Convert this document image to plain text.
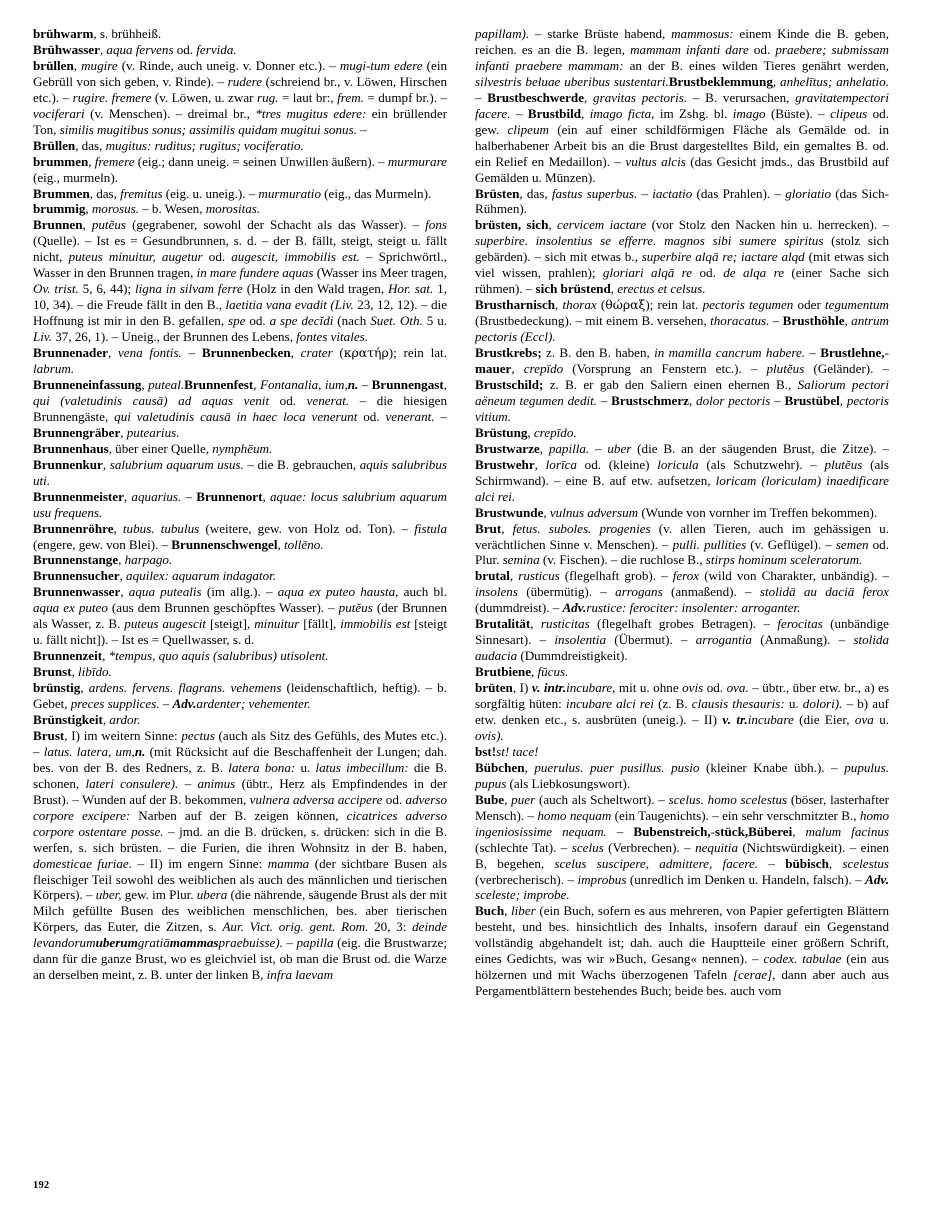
brühwarm, s. brühheiß.

Brühwasser, aqua fervens od. fervida.

brüllen, mugire (v. Rinde, auch uneig. v. Donner etc.). – mugi-tum edere (ein Gebrüll von sich geben, v. Rinde). – rudere (schreiend br., v. Löwen, Hirschen etc.). – rugire. fremere (v. Löwen, u. zwar rug. = laut br:, frem. = dumpf br.). – vociferari (v. Menschen). – dreimal br., *tres mugitus edere: ein brüllender Ton, similis mugitibus sonus; assimilis quidam mugitui sonus. –

Brüllen, das, mugitus: ruditus; rugitus; vociferatio.

brummen, fremere (eig.; dann uneig. = seinen Unwillen äußern). – murmurare (eig., murmeln).

Brummen, das, fremitus (eig. u. uneig.). – murmuratio (eig., das Murmeln).

brummig, morosus. – b. Wesen, morositas.

Brunnen, putĕus (gegrabener, sowohl der Schacht als das Wasser). – fons (Quelle). – Ist es = Gesundbrunnen, s. d. – der B. fällt, steigt, steigt u. fällt nicht, puteus minuitur, augetur od. augescit, immobilis est. – Sprichwörtl., Wasser in den Brunnen tragen, in mare fundere aquas (Wasser ins Meer tragen, Ov. trist. 5, 6, 44); ligna in silvam ferre (Holz in den Wald tragen, Hor. sat. 1, 10, 34). – die Freude fällt in den B., laetitia vana evadit (Liv. 23, 12, 12). – die Hoffnung ist mir in den B. gefallen, spe od. a spe decĭdi (nach Suet. Oth. 5 u. Liv. 37, 26, 1). – Uneig., der Brunnen des Lebens, fontes vitales.

Brunnenader, vena fontis. – Brunnenbecken, crater (κρατήρ); rein lat. labrum.

Brunneneinfassung, puteal.Brunnenfest, Fontanalia, ium,n. – Brunnengast, qui (valetudinis causā) ad aquas venit od. venerat. – die hiesigen Brunnengäste, qui valetudinis causā in haec loca venerunt od. venerant. – Brunnengräber, putearius.

Brunnenhaus, über einer Quelle, nymphēum.

Brunnenkur, salubrium aquarum usus. – die B. gebrauchen, aquis salubribus uti.

Brunnenmeister, aquarius. – Brunnenort, aquae: locus salubrium aquarum usu frequens.

Brunnenröhre, tubus. tubulus (weitere, gew. von Holz od. Ton). – fistula (engere, gew. von Blei). – Brunnenschwengel, tollēno.

Brunnenstange, harpago.

Brunnensucher, aquilex: aquarum indagator.

Brunnenwasser, aqua putealis (im allg.). – aqua ex puteo hausta, auch bl. aqua ex puteo (aus dem Brunnen geschöpftes Wasser). – putĕus (der Brunnen als Wasser, z. B. puteus augescit [steigt], minuitur [fällt], immobilis est [steigt u. fällt nicht]). – Ist es = Quellwasser, s. d.

Brunnenzeit, *tempus, quo aquis (salubribus) utisolent.

Brunst, libīdo.

brünstig, ardens. fervens. flagrans. vehemens (leidenschaftlich, heftig). – b. Gebet, preces supplices. – Adv.ardenter; vehementer.

Brünstigkeit, ardor.

Brust, I) im weitern Sinne: pectus (auch als Sitz des Gefühls, des Mutes etc.). – latus. latera, um,n. (mit Rücksicht auf die Beschaffenheit der Lungen; dah. bes. von der B. des Redners, z. B. latera bona: u. latus imbecillum: die B. schonen, lateri consulere). – animus (übtr., Herz als Empfindendes in der Brust). – Wunden auf der B. bekommen, vulnera adversa accipere od. adverso corpore excipere: Narben auf der B. zeigen können, cicatrices adverso corpore ostentare posse. – jmd. an die B. drücken, s. drücken: sich in die B. werfen, s. sich brüsten. – die Furien, die ihren Wohnsitz in der B. haben, domesticae furiae. – II) im engern Sinne: mamma (der sichtbare Busen als fleischiger Teil sowohl des weiblichen als auch des männlichen und tierischen Körpers). – uber, gew. im Plur. ubera (die nährende, säugende Brust als der mit Milch gefüllte Busen des weiblichen menschlichen, bes. aber tierischen Körpers, das Euter, die Zitzen, s. Aur. Vict. orig. gent. Rom. 20, 3: deinde levandorumuberumgratiāmammaspraebuisse). – papilla (eig. die Brustwarze; dann für die ganze Brust, wo es gleichviel ist, ob man die Brust od. die Warze an derselben meint, z. B. unter der linken B, infra laevam

papillam). – starke Brüste habend, mammosus: einem Kinde die B. geben, reichen. es an die B. legen, mammam infanti dare od. praebere; submissam infanti praebere mammam: an der B. eines wilden Tieres genährt werden, silvestris beluae uberibus sustentari.Brustbeklemmung, anhelītus; anhelatio. – Brustbeschwerde, gravitas pectoris. – B. verursachen, gravitatempectori facere. – Brustbild, imago ficta, im Zshg. bl. imago (Büste). – clipeus od. gew. clipeum (ein auf einer schildförmigen Fläche als Gemälde od. in halberhabener Arbeit bis an die Brust dargestelltes Bild, ein gemaltes B. od. ein Relief en Medaillon). – vultus alcis (das Gesicht jmds., das Brustbild auf Gemälden u. Münzen).

Brüsten, das, fastus superbus. – iactatio (das Prahlen). – gloriatio (das Sich-Rühmen).

brüsten, sich, cervicem iactare (vor Stolz den Nacken hin u. herrecken). – superbire. insolentius se efferre. magnos sibi sumere spiritus (stolz sich gebärden). – sich mit etwas b., superbire alqā re; iactare alqd (mit etwas sich viel wissen, prahlen); gloriari alqā re od. de alqa re (einer Sache sich rühmen). – sich brüstend, erectus et celsus.

Brustharnisch, thorax (θώραξ); rein lat. pectoris tegumen oder tegumentum (Brustbedeckung). – mit einem B. versehen, thoracatus. – Brusthöhle, antrum pectoris (Eccl).

Brustkrebs; z. B. den B. haben, in mamilla cancrum habere. – Brustlehne,-mauer, crepīdo (Vorsprung an Fenstern etc.). – plutĕus (Geländer). – Brustschild; z. B. er gab den Saliern einen ehernen B., Saliorum pectori aëneum tegumen dedit. – Brustschmerz, dolor pectoris – Brustübel, pectoris vitium.

Brüstung, crepīdo.

Brustwarze, papilla. – uber (die B. an der säugenden Brust, die Zitze). – Brustwehr, lorīca od. (kleine) loricula (als Schutzwehr). – plutĕus (als Schirmwand). – eine B. auf etw. aufsetzen, loricam (loriculam) inaedificare alci rei.

Brustwunde, vulnus adversum (Wunde von vornher im Treffen bekommen).

Brut, fetus. suboles. progenies (v. allen Tieren, auch im gehässigen u. verächtlichen Sinne v. Menschen). – pulli. pullities (v. Geflügel). – semen od. Plur. semina (v. Fischen). – die ruchlose B., stirps hominum sceleratorum.

brutal, rusticus (flegelhaft grob). – ferox (wild von Charakter, unbändig). – insolens (übermütig). – arrogans (anmaßend). – stolidā au daciā ferox (dummdreist). – Adv.rustice: ferociter: insolenter: arroganter.

Brutalität, rusticitas (flegelhaft grobes Betragen). – ferocitas (unbändige Sinnesart). – insolentia (Übermut). – arrogantia (Anmaßung). – stolida audacia (Dummdreistigkeit).

Brutbiene, fūcus.

brüten, I) v. intr.incubare, mit u. ohne ovis od. ova. – übtr., über etw. br., a) es sorgfältig hüten: incubare alci rei (z. B. clausis thesauris: u. dolori). – b) auf etw. denken etc., s. ausbrüten (uneig.). – II) v. tr.incubare (die Eier, ova u. ovis).

bst!st! tace!

Bübchen, puerulus. puer pusillus. pusio (kleiner Knabe übh.). – pupulus. pupus (als Liebkosungswort).

Bube, puer (auch als Scheltwort). – scelus. homo scelestus (böser, lasterhafter Mensch). – homo nequam (ein Taugenichts). – ein sehr verschmitzter B., homo ingeniosissime nequam. – Bubenstreich,-stück,Büberei, malum facinus (schlechte Tat). – scelus (Verbrechen). – nequitia (Nichtswürdigkeit). – einen B, begehen, scelus suscipere, admittere, facere. – bübisch, scelestus (verbrecherisch). – improbus (unredlich im Denken u. Handeln, falsch). – Adv. sceleste; improbe.

Buch, liber (ein Buch, sofern es aus mehreren, von Papier gefertigten Blättern besteht, und bes. hinsichtlich des Inhalts, insofern darauf ein Gegenstand vollständig abgehandelt ist; dah. auch die Hauptteile einer größern Schrift, eines Gedichts, was wir »Buch, Gesang« nennen). – codex. tabulae (ein aus hölzernen und mit Wachs überzogenen Tafeln [cerae], dann aber auch aus Pergamentblättern bestehendes Buch; beide bes. auch vom

192
